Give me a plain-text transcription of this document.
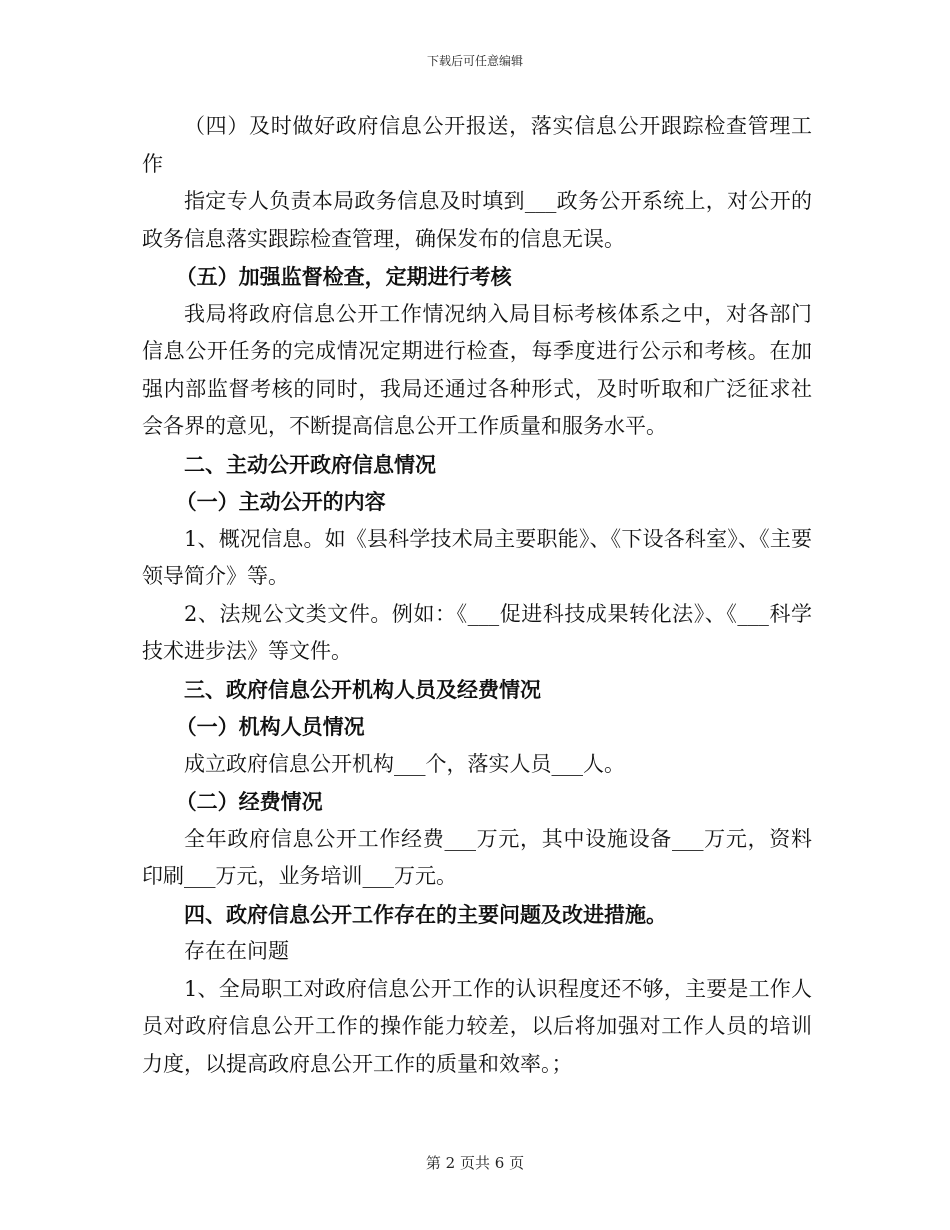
下载后可任意编辑

（四）及时做好政府信息公开报送，落实信息公开跟踪检查管理工作

指定专人负责本局政务信息及时填到___政务公开系统上，对公开的政务信息落实跟踪检查管理，确保发布的信息无误。

（五）加强监督检查，定期进行考核

我局将政府信息公开工作情况纳入局目标考核体系之中，对各部门信息公开任务的完成情况定期进行检查，每季度进行公示和考核。在加强内部监督考核的同时，我局还通过各种形式，及时听取和广泛征求社会各界的意见，不断提高信息公开工作质量和服务水平。

二、主动公开政府信息情况

（一）主动公开的内容

1、概况信息。如《县科学技术局主要职能》、《下设各科室》、《主要领导简介》等。

2、法规公文类文件。例如：《___促进科技成果转化法》、《___科学技术进步法》等文件。

三、政府信息公开机构人员及经费情况

（一）机构人员情况

成立政府信息公开机构___个，落实人员___人。

（二）经费情况

全年政府信息公开工作经费___万元，其中设施设备___万元，资料印刷___万元，业务培训___万元。

四、政府信息公开工作存在的主要问题及改进措施。

存在在问题

1、全局职工对政府信息公开工作的认识程度还不够，主要是工作人员对政府信息公开工作的操作能力较差，以后将加强对工作人员的培训力度，以提高政府息公开工作的质量和效率。；

第 2 页共 6 页
